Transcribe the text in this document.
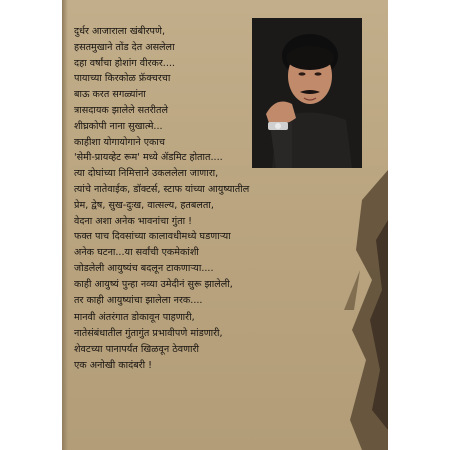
दुर्धर आजाराला खंबीरपणे,
हसतमुखाने तोंड देत असलेला
दहा वर्षांचा होशांग वीरकर....
पायाच्या किरकोळ फ्रॅक्चरचा
बाऊ करत सगळ्यांना
त्रासदायक झालेले सतरीतले
शीघ्रकोपी नाना सुखात्मे...
काहीशा योगायोगाने एकाच
'सेमी-प्रायव्हेट रूम' मध्ये ॲडमिट होतात....
त्या दोघांच्या निमित्ताने उकललेला जाणारा,
त्यांचे नातेवाईक, डॉक्टर्स, स्टाफ यांच्या आयुष्यातील
प्रेम, द्वेष, सुख-दुःख, वात्सल्य, हतबलता,
वेदना अशा अनेक भावनांचा गुंता !
फक्त पाच दिवसांच्या कालावधीमध्ये घडणाऱ्या
अनेक घटना...या सर्वांची एकमेकांशी
जोडलेली आयुष्यंच बदलून टाकणाऱ्या....
काही आयुष्यं पुन्हा नव्या उमेदीनं सुरू झालेली,
तर काही आयुष्यांचा झालेला नरक....
मानवी अंतरंगात डोकावून पाहणारी,
नातेसंबंधातील गुंतागुंत प्रभावीपणे मांडणारी,
शेवटच्या पानापर्यंत खिळवून ठेवणारी
एक अनोखी कादंबरी !
